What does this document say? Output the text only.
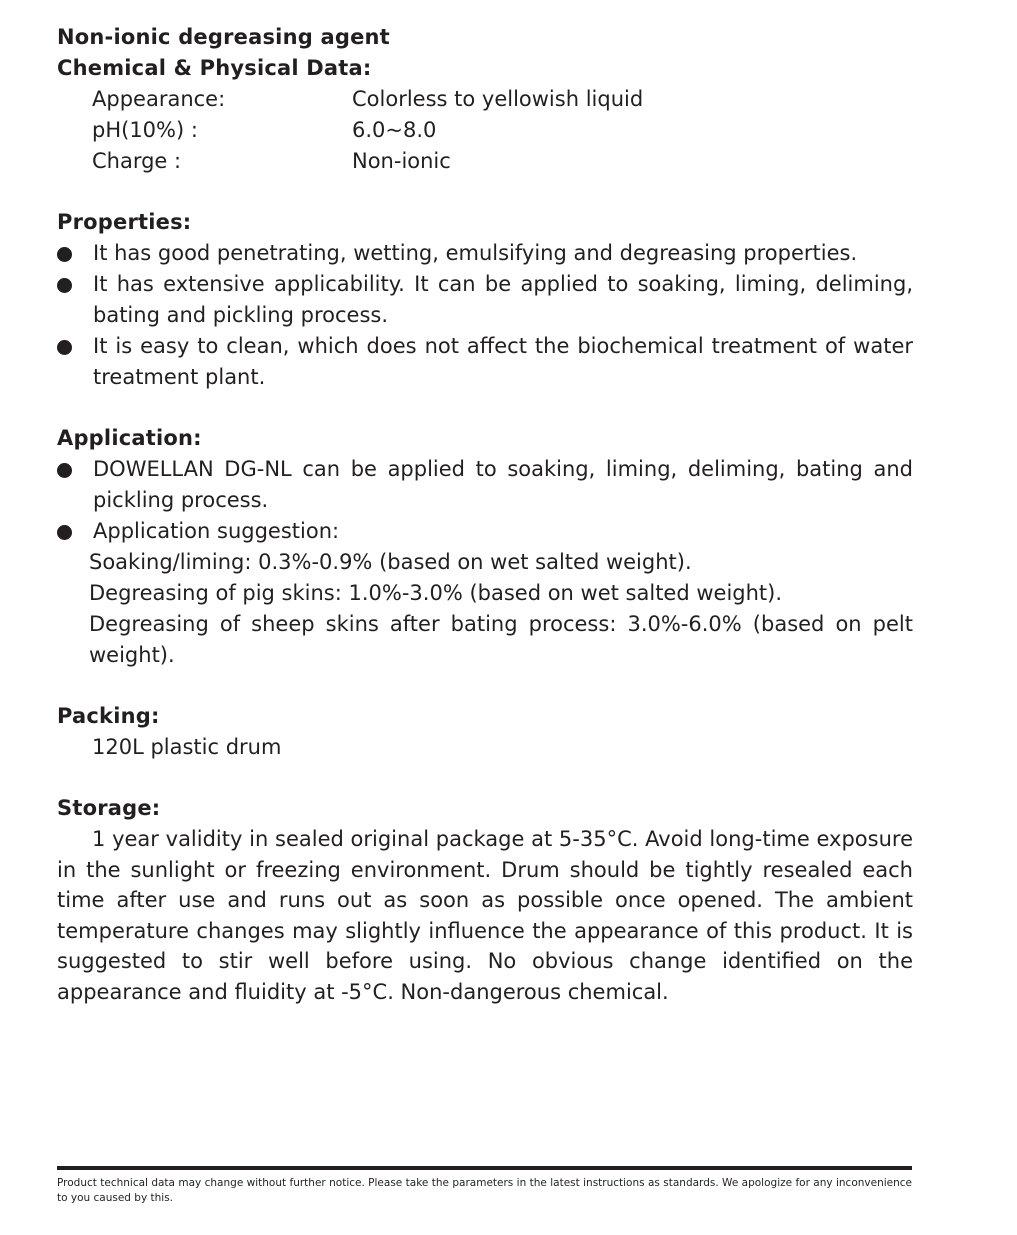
Non-ionic degreasing agent
Chemical & Physical Data:
Appearance:	Colorless to yellowish liquid
pH(10%) :	6.0~8.0
Charge :	Non-ionic
Properties:
It has good penetrating, wetting, emulsifying and degreasing properties.
It has extensive applicability. It can be applied to soaking, liming, deliming, bating and pickling process.
It is easy to clean, which does not affect the biochemical treatment of water treatment plant.
Application:
DOWELLAN DG-NL can be applied to soaking, liming, deliming, bating and pickling process.
Application suggestion:
Soaking/liming: 0.3%-0.9% (based on wet salted weight).
Degreasing of pig skins: 1.0%-3.0% (based on wet salted weight).
Degreasing of sheep skins after bating process: 3.0%-6.0% (based on pelt weight).
Packing:
120L plastic drum
Storage:
1 year validity in sealed original package at 5-35°C. Avoid long-time exposure in the sunlight or freezing environment. Drum should be tightly resealed each time after use and runs out as soon as possible once opened. The ambient temperature changes may slightly influence the appearance of this product. It is suggested to stir well before using. No obvious change identified on the appearance and fluidity at -5°C. Non-dangerous chemical.
Product technical data may change without further notice. Please take the parameters in the latest instructions as standards. We apologize for any inconvenience to you caused by this.
